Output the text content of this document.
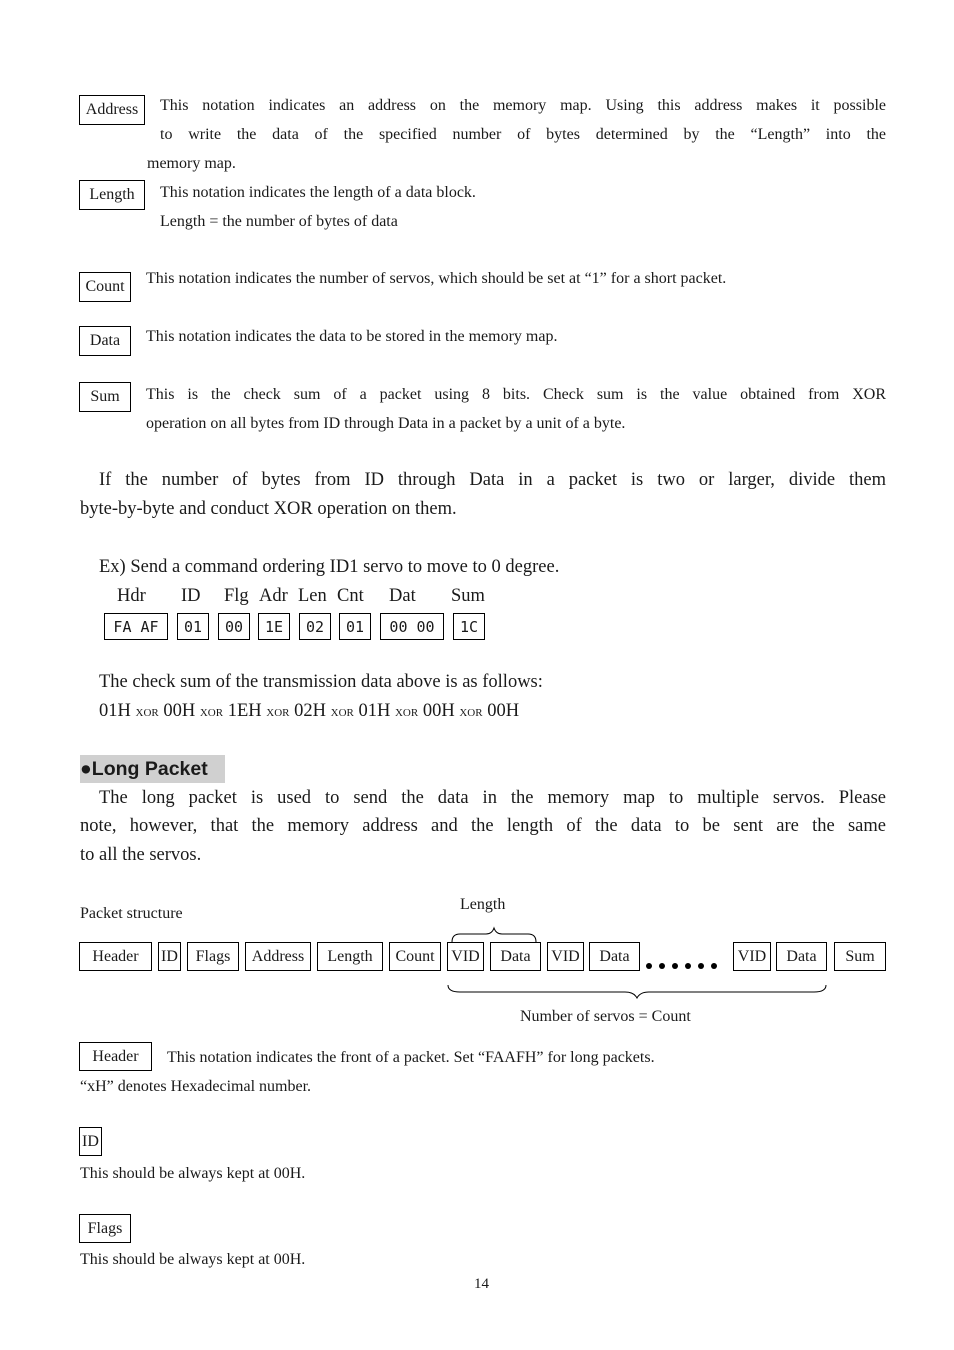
Address	This notation indicates an address on the memory map. Using this address makes it possible
to write the data of the specified number of bytes determined by the “Length” into the
memory map.
Length	This notation indicates the length of a data block.
Length = the number of bytes of data
Count	This notation indicates the number of servos, which should be set at “1” for a short packet.
Data	This notation indicates the data to be stored in the memory map.
Sum	This is the check sum of a packet using 8 bits. Check sum is the value obtained from XOR
operation on all bytes from ID through Data in a packet by a unit of a byte.
If the number of bytes from ID through Data in a packet is two or larger, divide them
byte-by-byte and conduct XOR operation on them.
Ex) Send a command ordering ID1 servo to move to 0 degree.
Hdr ID Flg Adr Len Cnt Dat Sum
FA AF	01	00	1E	02	01	00 00	1C
The check sum of the transmission data above is as follows:
01H xor 00H xor 1EH xor 02H xor 01H xor 00H xor 00H
●Long Packet
The long packet is used to send the data in the memory map to multiple servos. Please
note, however, that the memory address and the length of the data to be sent are the same
to all the servos.
Packet structure
Length
Header	ID	Flags	Address	Length	Count	VID	Data	VID	Data	VID	Data	Sum
Number of servos = Count
Header	This notation indicates the front of a packet. Set “FAAFH” for long packets.
“xH” denotes Hexadecimal number.
ID
This should be always kept at 00H.
Flags
This should be always kept at 00H.
14
